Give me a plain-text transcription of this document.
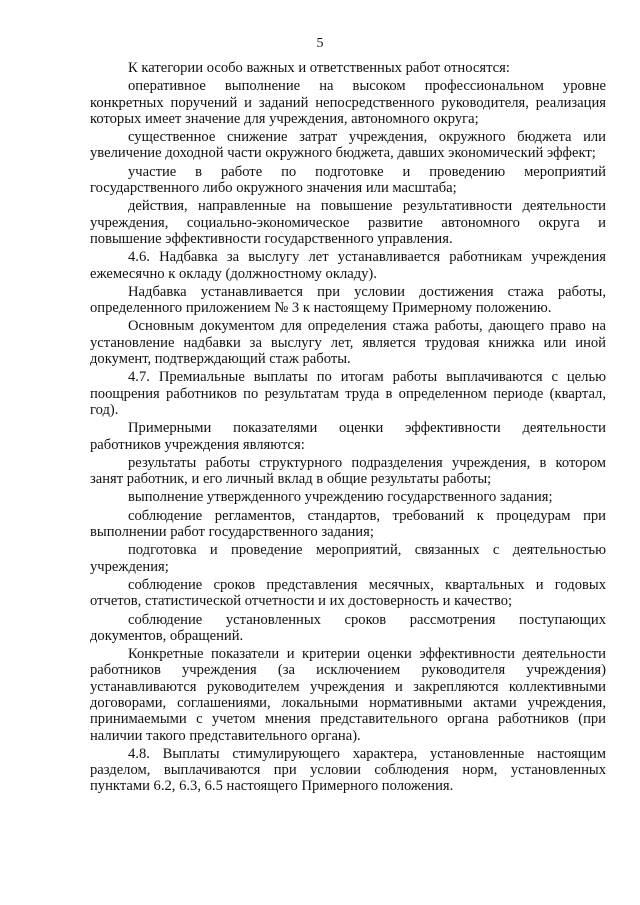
5

К категории особо важных и ответственных работ относятся:

оперативное выполнение на высоком профессиональном уровне конкретных поручений и заданий непосредственного руководителя, реализация которых имеет значение для учреждения, автономного округа;

существенное снижение затрат учреждения, окружного бюджета или увеличение доходной части окружного бюджета, давших экономический эффект;

участие в работе по подготовке и проведению мероприятий государственного либо окружного значения или масштаба;

действия, направленные на повышение результативности деятельности учреждения, социально-экономическое развитие автономного округа и повышение эффективности государственного управления.

4.6. Надбавка за выслугу лет устанавливается работникам учреждения ежемесячно к окладу (должностному окладу).

Надбавка устанавливается при условии достижения стажа работы, определенного приложением № 3 к настоящему Примерному положению.

Основным документом для определения стажа работы, дающего право на установление надбавки за выслугу лет, является трудовая книжка или иной документ, подтверждающий стаж работы.

4.7. Премиальные выплаты по итогам работы выплачиваются с целью поощрения работников по результатам труда в определенном периоде (квартал, год).

Примерными показателями оценки эффективности деятельности работников учреждения являются:

результаты работы структурного подразделения учреждения, в котором занят работник, и его личный вклад в общие результаты работы;

выполнение утвержденного учреждению государственного задания;

соблюдение регламентов, стандартов, требований к процедурам при выполнении работ государственного задания;

подготовка и проведение мероприятий, связанных с деятельностью учреждения;

соблюдение сроков представления месячных, квартальных и годовых отчетов, статистической отчетности и их достоверность и качество;

соблюдение установленных сроков рассмотрения поступающих документов, обращений.

Конкретные показатели и критерии оценки эффективности деятельности работников учреждения (за исключением руководителя учреждения) устанавливаются руководителем учреждения и закрепляются коллективными договорами, соглашениями, локальными нормативными актами учреждения, принимаемыми с учетом мнения представительного органа работников (при наличии такого представительного органа).

4.8. Выплаты стимулирующего характера, установленные настоящим разделом, выплачиваются при условии соблюдения норм, установленных пунктами 6.2, 6.3, 6.5 настоящего Примерного положения.
